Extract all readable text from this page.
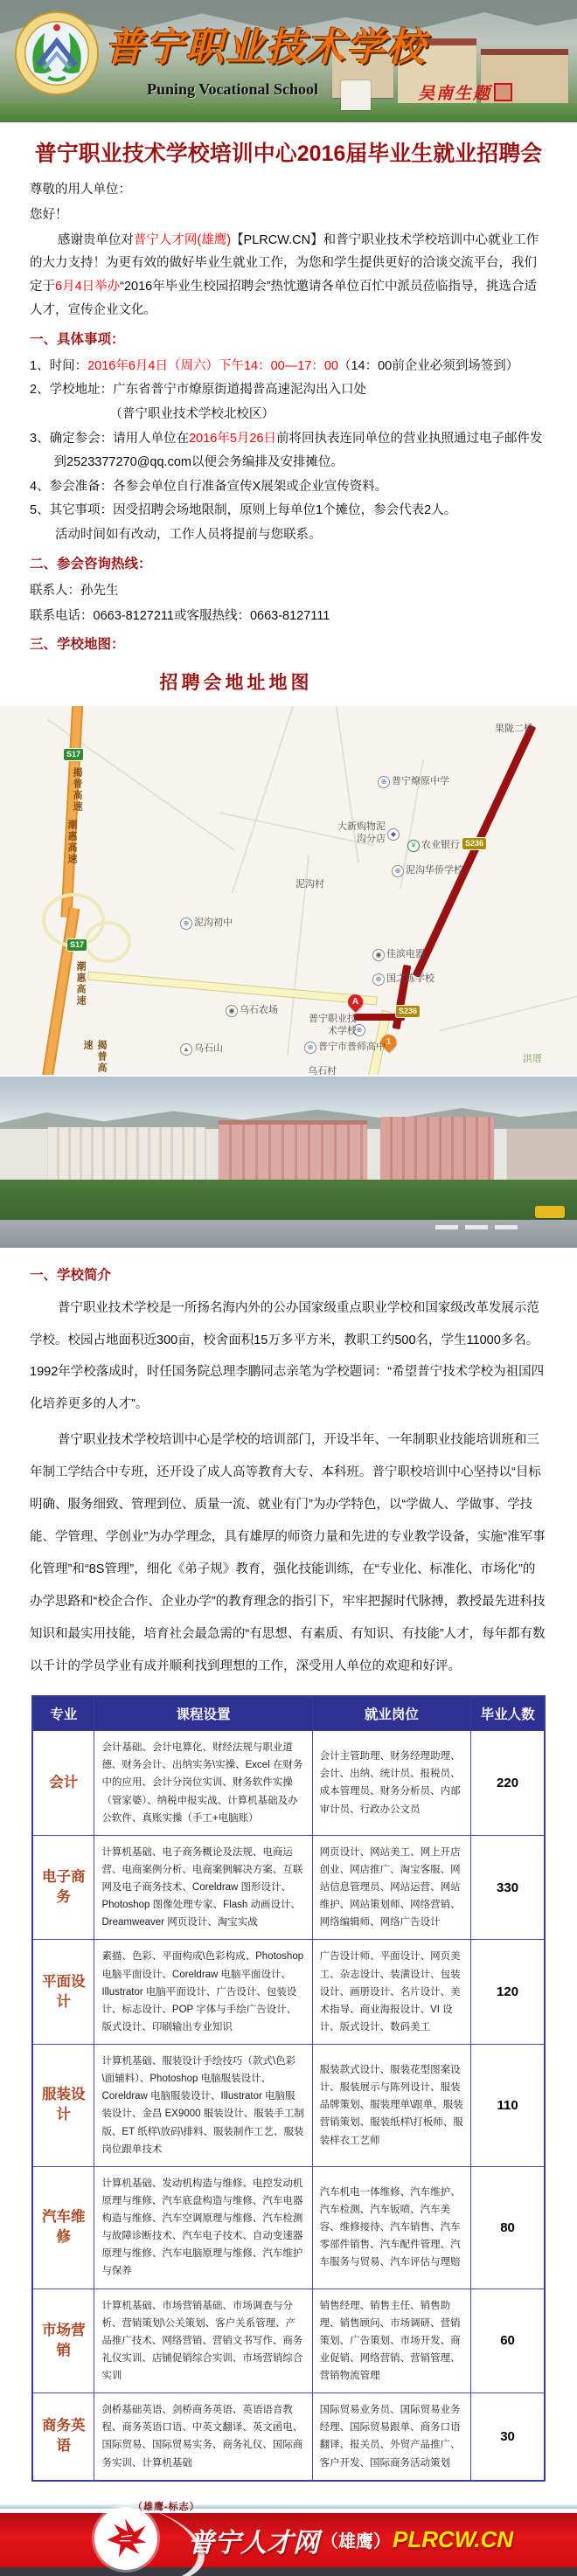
普宁职业技术学校
Puning Vocational School	吴南生题
普宁职业技术学校培训中心2016届毕业生就业招聘会

尊敬的用人单位：

您好！

感谢贵单位对普宁人才网(雄鹰)【PLRCW.CN】和普宁职业技术学校培训中心就业工作的大力支持！为更有效的做好毕业生就业工作，为您和学生提供更好的洽谈交流平台，我们定于6月4日举办“2016年毕业生校园招聘会”热忱邀请各单位百忙中派员莅临指导，挑选合适人才，宣传企业文化。

一、具体事项：
1、时间：2016年6月4日（周六）下午14：00—17：00（14：00前企业必须到场签到）
2、学校地址：广东省普宁市燎原街道揭普高速泥沟出入口处
（普宁职业技术学校北校区）
3、确定参会：请用人单位在2016年5月26日前将回执表连同单位的营业执照通过电子邮件发到2523377270@qq.com以便会务编排及安排摊位。
4、参会准备：各参会单位自行准备宣传X展架或企业宣传资料。
5、其它事项：因受招聘会场地限制，原则上每单位1个摊位，参会代表2人。
活动时间如有改动，工作人员将提前与您联系。
二、参会咨询热线：

联系人：孙先生

联系电话：0663-8127211或客服热线：0663-8127111

三、学校地图：
招聘会地址地图
S17
S17
S236
S236
揭普高速
潮惠高速
潮惠高速
揭普高速
⊕
◆
¥
⊕
⊕
◉
⊕
◉
⊕
▲	⊕
A
1
果陇二桥
普宁燎原中学
大新购物泥沟分店
农业银行
泥沟华侨学校
泥沟村
泥沟初中
佳滨电器
国之栋学校
乌石农场
普宁职业技术学校
乌石山	普宁市普师高中
洪厝
乌石村
一、学校简介

普宁职业技术学校是一所扬名海内外的公办国家级重点职业学校和国家级改革发展示范学校。校园占地面积近300亩，校舍面积15万多平方米，教职工约500名，学生11000多名。1992年学校落成时，时任国务院总理李鹏同志亲笔为学校题词：“希望普宁技术学校为祖国四化培养更多的人才”。

普宁职业技术学校培训中心是学校的培训部门，开设半年、一年制职业技能培训班和三年制工学结合中专班，还开设了成人高等教育大专、本科班。普宁职校培训中心坚持以“目标明确、服务细致、管理到位、质量一流、就业有门”为办学特色，以“学做人、学做事、学技能、学管理、学创业”为办学理念，具有雄厚的师资力量和先进的专业教学设备，实施“准军事化管理”和“8S管理”，细化《弟子规》教育，强化技能训练，在“专业化、标准化、市场化”的办学思路和“校企合作、企业办学”的教育理念的指引下，牢牢把握时代脉搏，教授最先进科技知识和最实用技能，培育社会最急需的“有思想、有素质、有知识、有技能”人才，每年都有数以千计的学员学业有成并顺利找到理想的工作，深受用人单位的欢迎和好评。

专业	课程设置	就业岗位	毕业人数
会计	会计基础、会计电算化、财经法规与职业道德、财务会计、出纳实务\实操、Excel 在财务中的应用、会计分岗位实训、财务软件实操（管家婆）、纳税申报实战、计算机基础及办公软件、真账实操（手工+电脑账）	会计主管助理、财务经理助理、会计、出纳、统计员、报税员、成本管理员、财务分析员、内部审计员、行政办公文员	220
电子商务	计算机基础、电子商务概论及法规、电商运营、电商案例分析、电商案例解决方案、互联网及电子商务技术、Coreldraw 图形设计、Photoshop 图像处理专家、Flash 动画设计、Dreamweaver 网页设计、淘宝实战	网页设计、网站美工、网上开店创业、网店推广、淘宝客服、网站信息管理员、网站运营、网站维护、网站策划师、网络营销、网络编辑师、网络广告设计	330
平面设计	素描、色彩、平面构成\色彩构成、Photoshop 电脑平面设计、Coreldraw 电脑平面设计、Illustrator 电脑平面设计、广告设计、包装设计、标志设计、POP 字体与手绘广告设计、版式设计、印刷输出专业知识	广告设计师、平面设计、网页美工、杂志设计、装潢设计、包装设计、画册设计、名片设计、美术指导、商业海报设计、VI 设计、版式设计、数码美工	120
服装设计	计算机基础、服装设计手绘技巧（款式\色彩\面辅料）、Photoshop 电脑服装设计、Coreldraw 电脑服装设计、Illustrator 电脑服装设计、金昌 EX9000 服装设计、服装手工制版、ET 纸样\放码\排料、服装制作工艺、服装岗位跟单技术	服装款式设计、服装花型图案设计、服装展示与陈列设计、服装品牌策划、服装理单\跟单、服装营销策划、服装纸样\打板师、服装样衣工艺师	110
汽车维修	计算机基础、发动机构造与维修、电控发动机原理与维修、汽车底盘构造与维修、汽车电器构造与维修、汽车空调原理与维修、汽车检测与故障诊断技术、汽车电子技术、自动变速器原理与维修、汽车电脑原理与维修、汽车维护与保养	汽车机电一体维修、汽车维护、汽车检测、汽车钣喷、汽车美容、维修接待、汽车销售、汽车零部件销售、汽车配件管理、汽车服务与贸易、汽车评估与理赔	80
市场营销	计算机基础、市场营销基础、市场调查与分析、营销策划\公关策划、客户关系管理、产品推广技术、网络营销、营销文书写作、商务礼仪实训、店铺促销综合实训、市场营销综合实训	销售经理、销售主任、销售助理、销售顾问、市场调研、营销策划、广告策划、市场开发、商业促销、网络营销、营销管理、营销物流管理	60
商务英语	剑桥基础英语、剑桥商务英语、英语语音教程、商务英语口语、中英文翻译、英文函电、国际贸易、国际贸易实务、商务礼仪、国际商务实训、计算机基础	国际贸易业务员、国际贸易业务经理、国际贸易跟单、商务口语翻译、报关员、外贸产品推广、客户开发、国际商务活动策划	30
（雄鹰-标志）
普宁人才网 （雄鹰） PLRCW.CN
